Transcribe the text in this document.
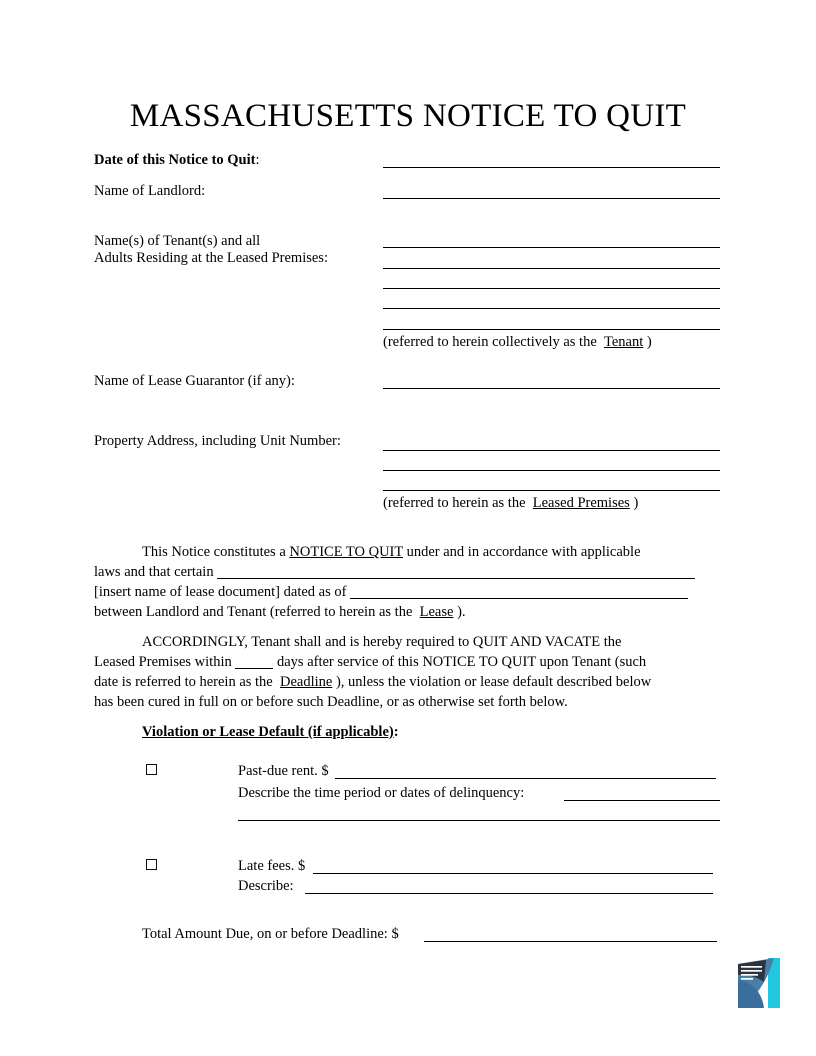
MASSACHUSETTS NOTICE TO QUIT
Date of this Notice to Quit:
Name of Landlord:
Name(s) of Tenant(s) and all
Adults Residing at the Leased Premises:
(referred to herein collectively as the Tenant )
Name of Lease Guarantor (if any):
Property Address, including Unit Number:
(referred to herein as the Leased Premises )
This Notice constitutes a NOTICE TO QUIT under and in accordance with applicable
laws and that certain
[insert name of lease document] dated as of
between Landlord and Tenant (referred to herein as the Lease ).
ACCORDINGLY, Tenant shall and is hereby required to QUIT AND VACATE the
Leased Premises within	days after service of this NOTICE TO QUIT upon Tenant (such
date is referred to herein as the Deadline ), unless the violation or lease default described below
has been cured in full on or before such Deadline, or as otherwise set forth below.
Violation or Lease Default (if applicable):
Past-due rent. $
Describe the time period or dates of delinquency:
Late fees. $
Describe:
Total Amount Due, on or before Deadline: $
